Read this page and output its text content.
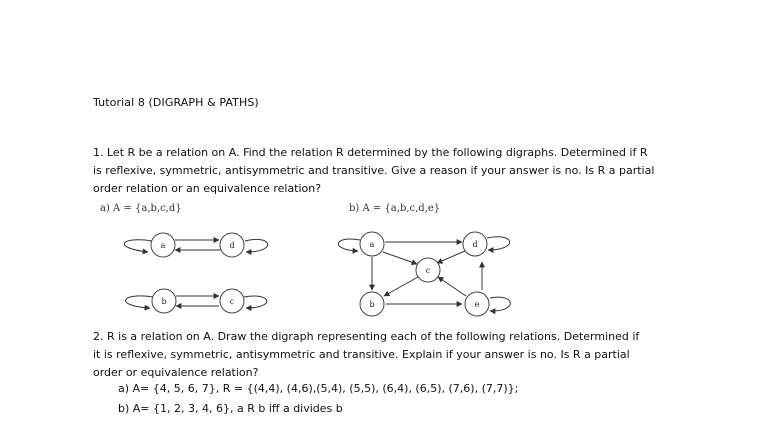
Tutorial 8 (DIGRAPH & PATHS)
1. Let R be a relation on A. Find the relation R determined by the following digraphs. Determined if R
is reflexive, symmetric, antisymmetric and transitive. Give a reason if your answer is no. Is R a partial
order relation or an equivalence relation?
a) A = {a,b,c,d}	b) A = {a,b,c,d,e}
a	d
b	c
a	d
c
b	e
2. R is a relation on A. Draw the digraph representing each of the following relations. Determined if
it is reflexive, symmetric, antisymmetric and transitive. Explain if your answer is no. Is R a partial
order or equivalence relation?
a) A= {4, 5, 6, 7}, R = {(4,4), (4,6),(5,4), (5,5), (6,4), (6,5), (7,6), (7,7)};
b) A= {1, 2, 3, 4, 6}, a R b iff a divides b
